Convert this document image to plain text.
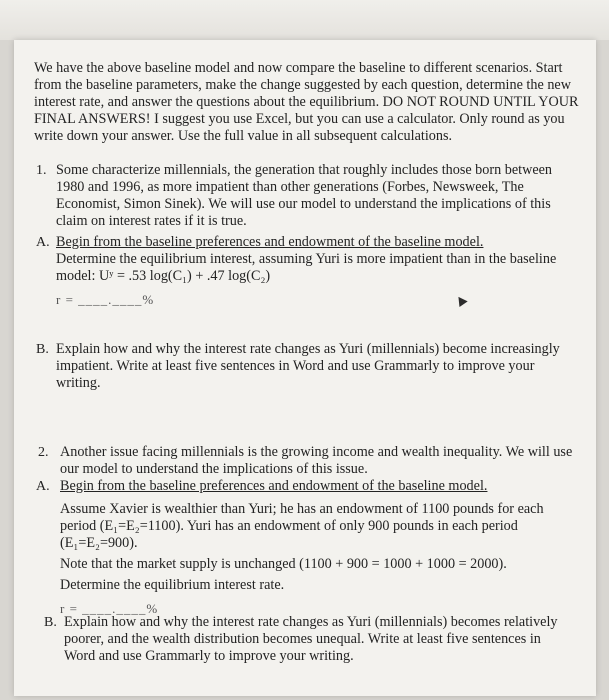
We have the above baseline model and now compare the baseline to different scenarios. Start from the baseline parameters, make the change suggested by each question, determine the new interest rate, and answer the questions about the equilibrium. DO NOT ROUND UNTIL YOUR FINAL ANSWERS! I suggest you use Excel, but you can use a calculator. Only round as you write down your answer. Use the full value in all subsequent calculations.
1. Some characterize millennials, the generation that roughly includes those born between 1980 and 1996, as more impatient than other generations (Forbes, Newsweek, The Economist, Simon Sinek). We will use our model to understand the implications of this claim on interest rates if it is true.
A. Begin from the baseline preferences and endowment of the baseline model.
Determine the equilibrium interest, assuming Yuri is more impatient than in the baseline model: Uʸ = .53 log(C₁) + .47 log(C₂)
r = ____.____%
B. Explain how and why the interest rate changes as Yuri (millennials) become increasingly impatient. Write at least five sentences in Word and use Grammarly to improve your writing.
2. Another issue facing millennials is the growing income and wealth inequality. We will use our model to understand the implications of this issue.
A. Begin from the baseline preferences and endowment of the baseline model.
Assume Xavier is wealthier than Yuri; he has an endowment of 1100 pounds for each period (E₁=E₂=1100). Yuri has an endowment of only 900 pounds in each period (E₁=E₂=900).
Note that the market supply is unchanged (1100 + 900 = 1000 + 1000 = 2000).
Determine the equilibrium interest rate.
r = ____.____%
B. Explain how and why the interest rate changes as Yuri (millennials) becomes relatively poorer, and the wealth distribution becomes unequal. Write at least five sentences in Word and use Grammarly to improve your writing.
